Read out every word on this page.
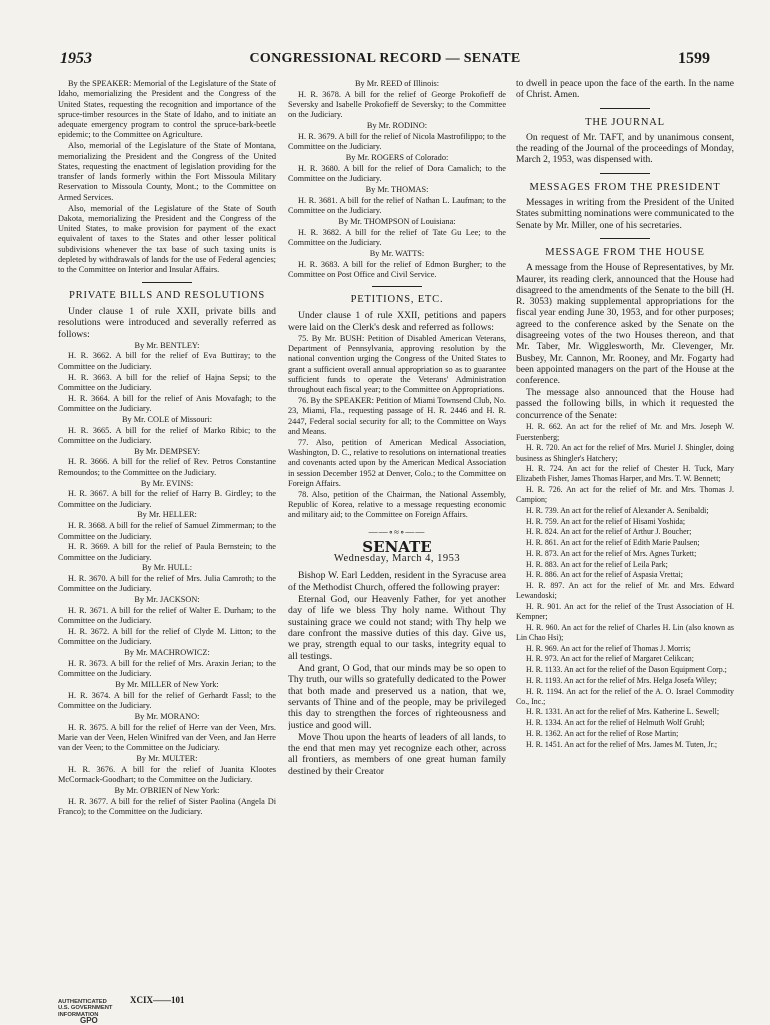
1953	CONGRESSIONAL RECORD — SENATE	1599

By the SPEAKER: Memorial of the Legislature of the State of Idaho, memorializing the President and the Congress of the United States, requesting the recognition and importance of the spruce-timber resources in the State of Idaho, and to initiate an adequate emergency program to control the spruce-bark-beetle epidemic; to the Committee on Agriculture.

Also, memorial of the Legislature of the State of Montana, memorializing the President and the Congress of the United States, requesting the enactment of legislation providing for the transfer of lands formerly within the Fort Missoula Military Reservation to Missoula County, Mont.; to the Committee on Armed Services.

Also, memorial of the Legislature of the State of South Dakota, memorializing the President and the Congress of the United States, to make provision for payment of the exact equivalent of taxes to the States and other lesser political subdivisions whenever the tax base of such taxing units is depleted by withdrawals of lands for the use of Federal agencies; to the Committee on Interior and Insular Affairs.

PRIVATE BILLS AND RESOLUTIONS

Under clause 1 of rule XXII, private bills and resolutions were introduced and severally referred as follows:

By Mr. BENTLEY:

H. R. 3662. A bill for the relief of Eva Buttiray; to the Committee on the Judiciary.

H. R. 3663. A bill for the relief of Hajna Sepsi; to the Committee on the Judiciary.

H. R. 3664. A bill for the relief of Anis Movafagh; to the Committee on the Judiciary.

By Mr. COLE of Missouri:

H. R. 3665. A bill for the relief of Marko Ribic; to the Committee on the Judiciary.

By Mr. DEMPSEY:

H. R. 3666. A bill for the relief of Rev. Petros Constantine Remoundos; to the Committee on the Judiciary.

By Mr. EVINS:

H. R. 3667. A bill for the relief of Harry B. Girdley; to the Committee on the Judiciary.

By Mr. HELLER:

H. R. 3668. A bill for the relief of Samuel Zimmerman; to the Committee on the Judiciary.

H. R. 3669. A bill for the relief of Paula Bernstein; to the Committee on the Judiciary.

By Mr. HULL:

H. R. 3670. A bill for the relief of Mrs. Julia Camroth; to the Committee on the Judiciary.

By Mr. JACKSON:

H. R. 3671. A bill for the relief of Walter E. Durham; to the Committee on the Judiciary.

H. R. 3672. A bill for the relief of Clyde M. Litton; to the Committee on the Judiciary.

By Mr. MACHROWICZ:

H. R. 3673. A bill for the relief of Mrs. Araxin Jerian; to the Committee on the Judiciary.

By Mr. MILLER of New York:

H. R. 3674. A bill for the relief of Gerhardt Fassl; to the Committee on the Judiciary.

By Mr. MORANO:

H. R. 3675. A bill for the relief of Herre van der Veen, Mrs. Marie van der Veen, Helen Winifred van der Veen, and Jan Herre van der Veen; to the Committee on the Judiciary.

By Mr. MULTER:

H. R. 3676. A bill for the relief of Juanita Klootes McCormack-Goodhart; to the Committee on the Judiciary.

By Mr. O'BRIEN of New York:

H. R. 3677. A bill for the relief of Sister Paolina (Angela Di Franco); to the Committee on the Judiciary.

By Mr. REED of Illinois:

H. R. 3678. A bill for the relief of George Prokofieff de Seversky and Isabelle Prokofieff de Seversky; to the Committee on the Judiciary.

By Mr. RODINO:

H. R. 3679. A bill for the relief of Nicola Mastrofilippo; to the Committee on the Judiciary.

By Mr. ROGERS of Colorado:

H. R. 3680. A bill for the relief of Dora Camalich; to the Committee on the Judiciary.

By Mr. THOMAS:

H. R. 3681. A bill for the relief of Nathan L. Laufman; to the Committee on the Judiciary.

By Mr. THOMPSON of Louisiana:

H. R. 3682. A bill for the relief of Tate Gu Lee; to the Committee on the Judiciary.

By Mr. WATTS:

H. R. 3683. A bill for the relief of Edmon Burgher; to the Committee on Post Office and Civil Service.

PETITIONS, ETC.

Under clause 1 of rule XXII, petitions and papers were laid on the Clerk's desk and referred as follows:

75. By Mr. BUSH: Petition of Disabled American Veterans, Department of Pennsylvania, approving resolution by the national convention urging the Congress of the United States to grant a sufficient overall annual appropriation so as to guarantee sufficient funds to operate the Veterans' Administration throughout each fiscal year; to the Committee on Appropriations.

76. By the SPEAKER: Petition of Miami Townsend Club, No. 23, Miami, Fla., requesting passage of H. R. 2446 and H. R. 2447, Federal social security for all; to the Committee on Ways and Means.

77. Also, petition of American Medical Association, Washington, D. C., relative to resolutions on international treaties and covenants acted upon by the American Medical Association in session December 1952 at Denver, Colo.; to the Committee on Foreign Affairs.

78. Also, petition of the Chairman, the National Assembly, Republic of Korea, relative to a message requesting economic and military aid; to the Committee on Foreign Affairs.

——∘≈∘——
SENATE
Wednesday, March 4, 1953

Bishop W. Earl Ledden, resident in the Syracuse area of the Methodist Church, offered the following prayer:

Eternal God, our Heavenly Father, for yet another day of life we bless Thy holy name. Without Thy sustaining grace we could not stand; with Thy help we dare confront the massive duties of this day. Give us, we pray, strength equal to our tasks, integrity equal to all testings.

And grant, O God, that our minds may be so open to Thy truth, our wills so gratefully dedicated to the Power that both made and preserved us a nation, that we, servants of Thine and of the people, may be privileged this day to strengthen the forces of righteousness and justice and good will.

Move Thou upon the hearts of leaders of all lands, to the end that men may yet recognize each other, across all frontiers, as members of one great human family destined by their Creator

to dwell in peace upon the face of the earth. In the name of Christ. Amen.

THE JOURNAL

On request of Mr. TAFT, and by unanimous consent, the reading of the Journal of the proceedings of Monday, March 2, 1953, was dispensed with.

MESSAGES FROM THE PRESIDENT

Messages in writing from the President of the United States submitting nominations were communicated to the Senate by Mr. Miller, one of his secretaries.

MESSAGE FROM THE HOUSE

A message from the House of Representatives, by Mr. Maurer, its reading clerk, announced that the House had disagreed to the amendments of the Senate to the bill (H. R. 3053) making supplemental appropriations for the fiscal year ending June 30, 1953, and for other purposes; agreed to the conference asked by the Senate on the disagreeing votes of the two Houses thereon, and that Mr. Taber, Mr. Wigglesworth, Mr. Clevenger, Mr. Busbey, Mr. Cannon, Mr. Rooney, and Mr. Fogarty had been appointed managers on the part of the House at the conference.

The message also announced that the House had passed the following bills, in which it requested the concurrence of the Senate:

H. R. 662. An act for the relief of Mr. and Mrs. Joseph W. Fuerstenberg;

H. R. 720. An act for the relief of Mrs. Muriel J. Shingler, doing business as Shingler's Hatchery;

H. R. 724. An act for the relief of Chester H. Tuck, Mary Elizabeth Fisher, James Thomas Harper, and Mrs. T. W. Bennett;

H. R. 726. An act for the relief of Mr. and Mrs. Thomas J. Campion;

H. R. 739. An act for the relief of Alexander A. Senibaldi;

H. R. 759. An act for the relief of Hisami Yoshida;

H. R. 824. An act for the relief of Arthur J. Boucher;

H. R. 861. An act for the relief of Edith Marie Paulsen;

H. R. 873. An act for the relief of Mrs. Agnes Turkett;

H. R. 883. An act for the relief of Leila Park;

H. R. 886. An act for the relief of Aspasia Vrettai;

H. R. 897. An act for the relief of Mr. and Mrs. Edward Lewandoski;

H. R. 901. An act for the relief of the Trust Association of H. Kempner;

H. R. 960. An act for the relief of Charles H. Lin (also known as Lin Chao Hsi);

H. R. 969. An act for the relief of Thomas J. Morris;

H. R. 973. An act for the relief of Margaret Celikcan;

H. R. 1133. An act for the relief of the Dason Equipment Corp.;

H. R. 1193. An act for the relief of Mrs. Helga Josefa Wiley;

H. R. 1194. An act for the relief of the A. O. Israel Commodity Co., Inc.;

H. R. 1331. An act for the relief of Mrs. Katherine L. Sewell;

H. R. 1334. An act for the relief of Helmuth Wolf Gruhl;

H. R. 1362. An act for the relief of Rose Martin;

H. R. 1451. An act for the relief of Mrs. James M. Tuten, Jr.;

XCIX——101
AUTHENTICATED
U.S. GOVERNMENT
INFORMATION
GPO
